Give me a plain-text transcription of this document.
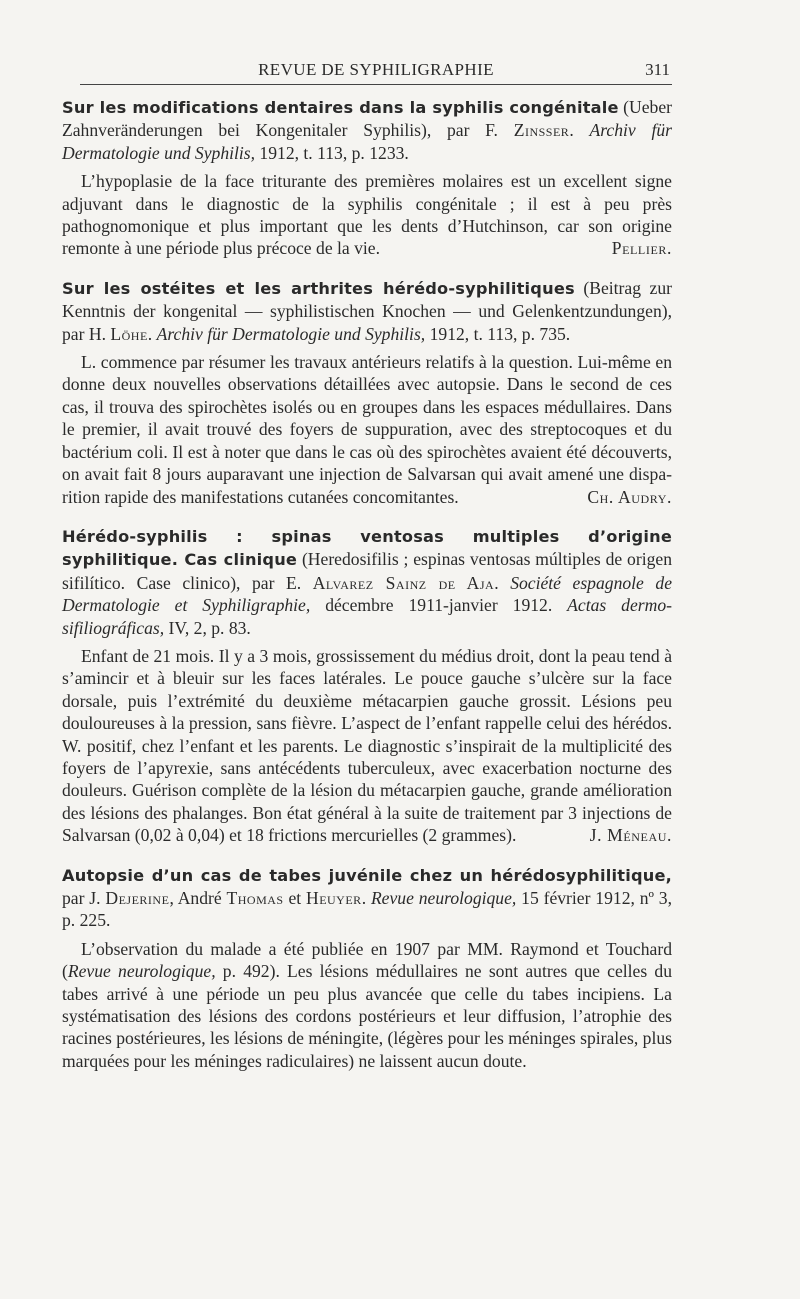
REVUE DE SYPHILIGRAPHIE	311

Sur les modifications dentaires dans la syphilis congénitale (Ueber Zahnveränderungen bei Kongenitaler Syphilis), par F. Zinsser. Archiv für Dermatologie und Syphilis, 1912, t. 113, p. 1233.

L’hypoplasie de la face triturante des premières molaires est un excellent signe adjuvant dans le diagnostic de la syphilis congénitale ; il est à peu près pathognomonique et plus important que les dents d’Hutchinson, car son origine remonte à une période plus précoce de la vie.	Pellier.

Sur les ostéites et les arthrites hérédo-syphilitiques (Beitrag zur Kenntnis der kongenital — syphilistischen Knochen — und Gelenkentzundungen), par H. Löhe. Archiv für Dermatologie und Syphilis, 1912, t. 113, p. 735.

L. commence par résumer les travaux antérieurs relatifs à la question. Lui-même en donne deux nouvelles observations détaillées avec autopsie. Dans le second de ces cas, il trouva des spirochètes isolés ou en groupes dans les espaces médullaires. Dans le premier, il avait trouvé des foyers de suppuration, avec des streptocoques et du bactérium coli. Il est à noter que dans le cas où des spirochètes avaient été découverts, on avait fait 8 jours auparavant une injection de Salvarsan qui avait amené une disparition rapide des manifestations cutanées concomitantes.	Ch. Audry.

Hérédo-syphilis : spinas ventosas multiples d’origine syphilitique. Cas clinique (Heredosifilis ; espinas ventosas múltiples de origen sifilítico. Case clinico), par E. Alvarez Sainz de Aja. Société espagnole de Dermatologie et Syphiligraphie, décembre 1911-janvier 1912. Actas dermo-sifiliográficas, IV, 2, p. 83.

Enfant de 21 mois. Il y a 3 mois, grossissement du médius droit, dont la peau tend à s’amincir et à bleuir sur les faces latérales. Le pouce gauche s’ulcère sur la face dorsale, puis l’extrémité du deuxième métacarpien gauche grossit. Lésions peu douloureuses à la pression, sans fièvre. L’aspect de l’enfant rappelle celui des hérédos. W. positif, chez l’enfant et les parents. Le diagnostic s’inspirait de la multiplicité des foyers de l’apyrexie, sans antécédents tuberculeux, avec exacerbation nocturne des douleurs. Guérison complète de la lésion du métacarpien gauche, grande amélioration des lésions des phalanges. Bon état général à la suite de traitement par 3 injections de Salvarsan (0,02 à 0,04) et 18 frictions mercurielles (2 grammes).	J. Méneau.

Autopsie d’un cas de tabes juvénile chez un hérédosyphilitique, par J. Dejerine, André Thomas et Heuyer. Revue neurologique, 15 février 1912, nº 3, p. 225.

L’observation du malade a été publiée en 1907 par MM. Raymond et Touchard (Revue neurologique, p. 492). Les lésions médullaires ne sont autres que celles du tabes arrivé à une période un peu plus avancée que celle du tabes incipiens. La systématisation des lésions des cordons postérieurs et leur diffusion, l’atrophie des racines postérieures, les lésions de méningite, (légères pour les méninges spirales, plus marquées pour les méninges radiculaires) ne laissent aucun doute.
